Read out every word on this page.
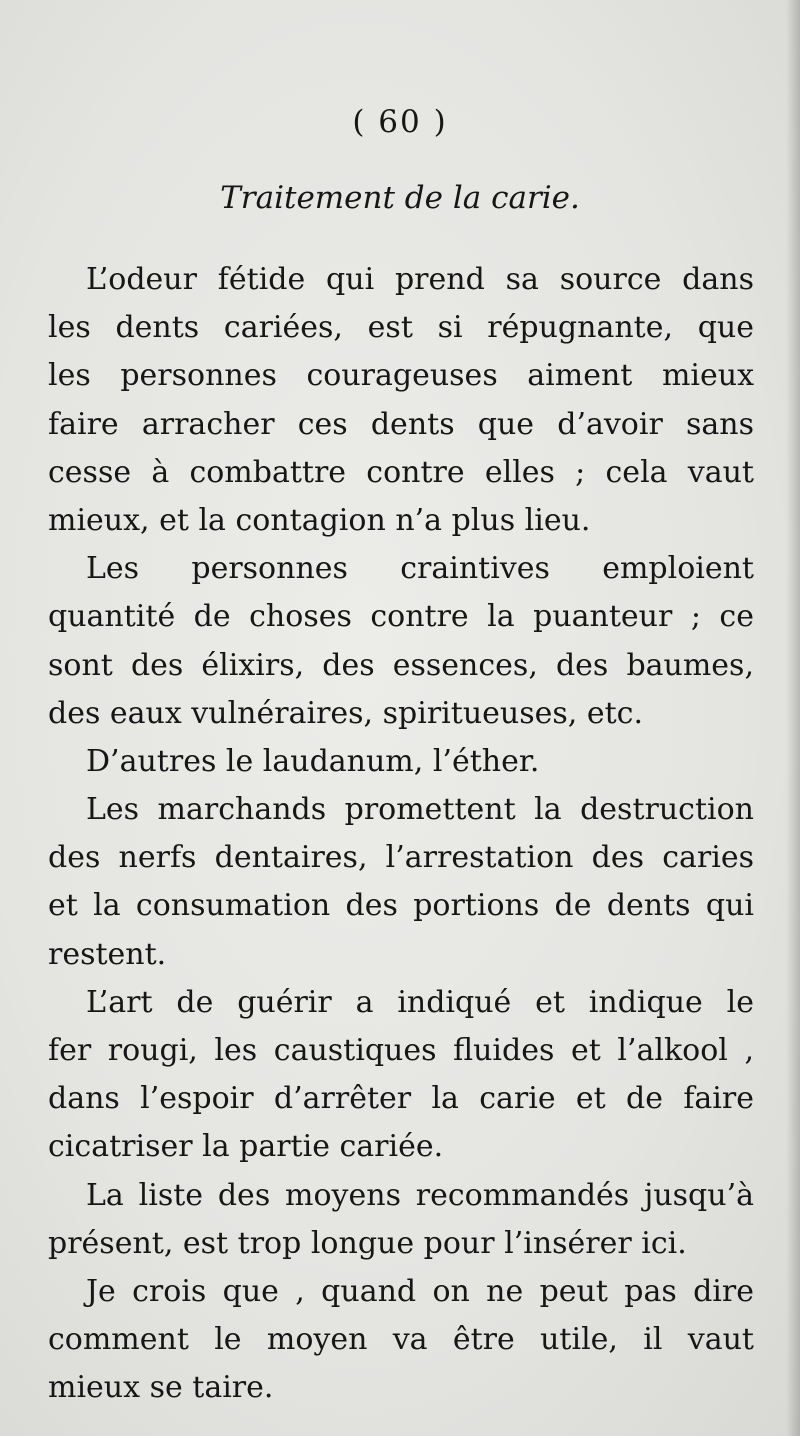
( 60 )
Traitement de la carie.

L’odeur fétide qui prend sa source dans
les dents cariées, est si répugnante, que
les personnes courageuses aiment mieux
faire arracher ces dents que d’avoir sans
cesse à combattre contre elles ; cela vaut
mieux, et la contagion n’a plus lieu.

Les personnes craintives emploient
quantité de choses contre la puanteur ; ce
sont des élixirs, des essences, des baumes,
des eaux vulnéraires, spiritueuses, etc.

D’autres le laudanum, l’éther.

Les marchands promettent la destruction
des nerfs dentaires, l’arrestation des caries
et la consumation des portions de dents qui
restent.

L’art de guérir a indiqué et indique le
fer rougi, les caustiques fluides et l’alkool ,
dans l’espoir d’arrêter la carie et de faire
cicatriser la partie cariée.

La liste des moyens recommandés jusqu’à
présent, est trop longue pour l’insérer ici.

Je crois que , quand on ne peut pas dire
comment le moyen va être utile, il vaut
mieux se taire.
